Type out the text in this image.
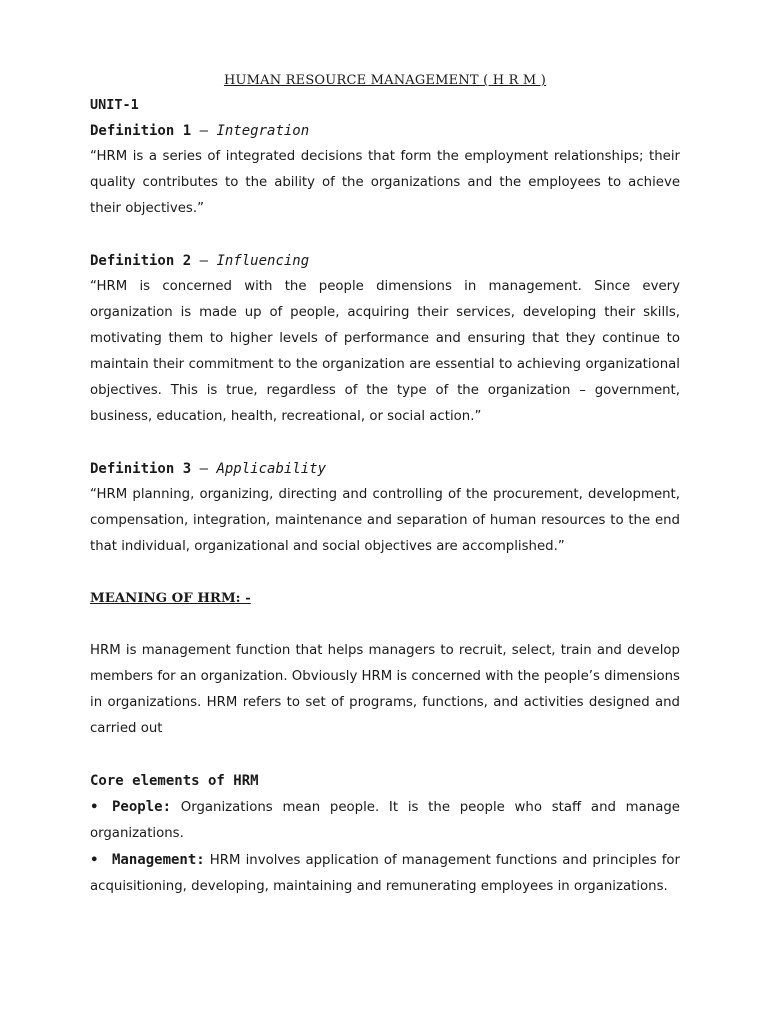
HUMAN RESOURCE MANAGEMENT ( H R M )

UNIT-1

Definition 1 – Integration

“HRM is a series of integrated decisions that form the employment relationships; their quality contributes to the ability of the organizations and the employees to achieve their objectives.”

Definition 2 – Influencing

“HRM is concerned with the people dimensions in management. Since every organization is made up of people, acquiring their services, developing their skills, motivating them to higher levels of performance and ensuring that they continue to maintain their commitment to the organization are essential to achieving organizational objectives. This is true, regardless of the type of the organization – government, business, education, health, recreational, or social action.”

Definition 3 – Applicability

“HRM planning, organizing, directing and controlling of the procurement, development, compensation, integration, maintenance and separation of human resources to the end that individual, organizational and social objectives are accomplished.”

MEANING OF HRM: -

HRM is management function that helps managers to recruit, select, train and develop members for an organization. Obviously HRM is concerned with the people’s dimensions in organizations. HRM refers to set of programs, functions, and activities designed and carried out

Core elements of HRM

• People: Organizations mean people. It is the people who staff and manage organizations.

• Management: HRM involves application of management functions and principles for acquisitioning, developing, maintaining and remunerating employees in organizations.
